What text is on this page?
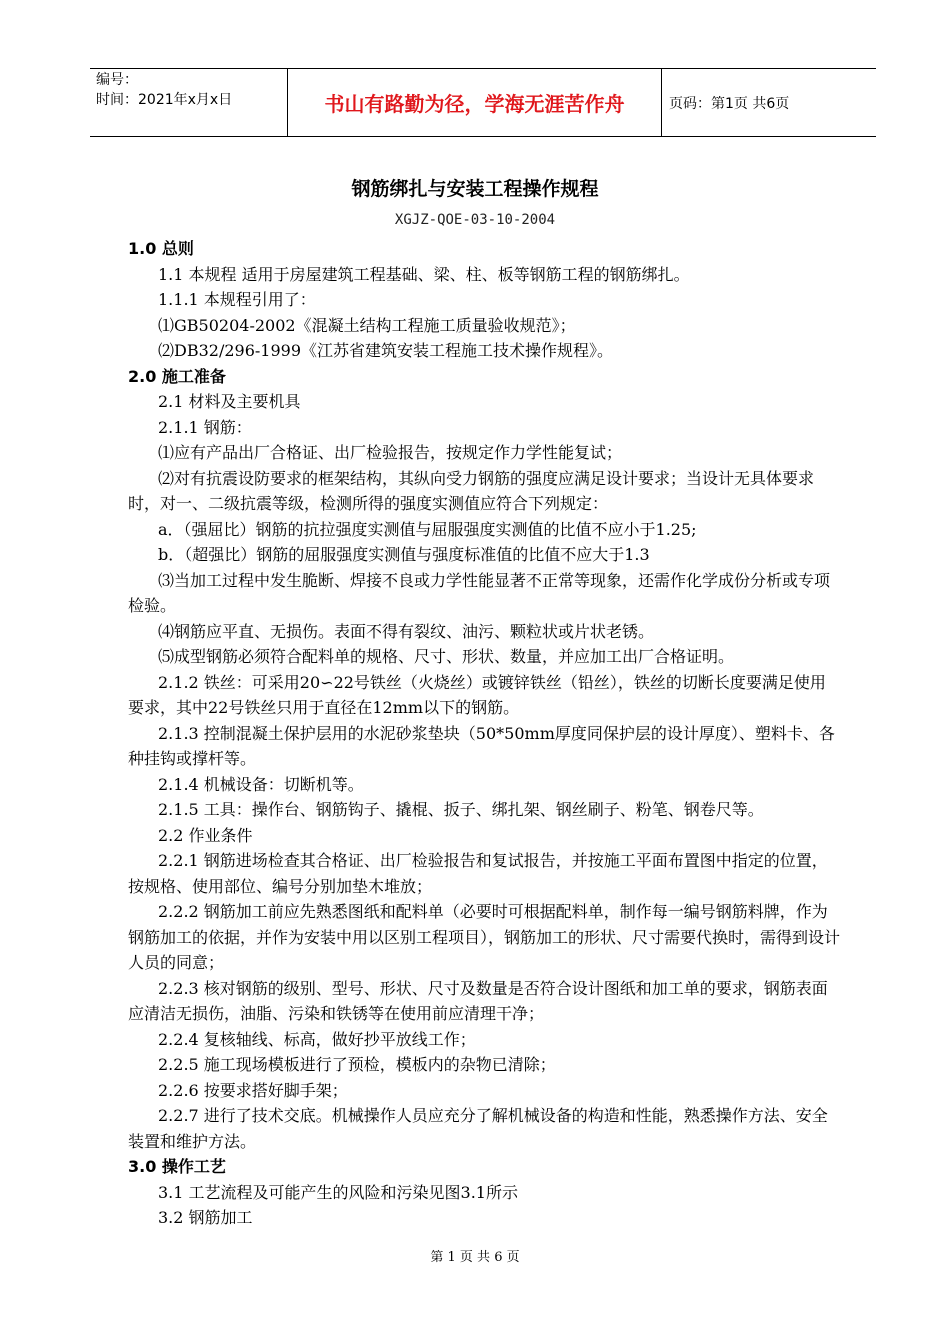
编号：
时间：2021年x月x日	书山有路勤为径，学海无涯苦作舟	页码：第1页 共6页
钢筋绑扎与安装工程操作规程
XGJZ-QOE-03-10-2004

1.0 总则

1.1 本规程 适用于房屋建筑工程基础、梁、柱、板等钢筋工程的钢筋绑扎。

1.1.1 本规程引用了：

⑴GB50204-2002《混凝土结构工程施工质量验收规范》；

⑵DB32/296-1999《江苏省建筑安装工程施工技术操作规程》。

2.0 施工准备

2.1 材料及主要机具

2.1.1 钢筋：

⑴应有产品出厂合格证、出厂检验报告，按规定作力学性能复试；

⑵对有抗震设防要求的框架结构，其纵向受力钢筋的强度应满足设计要求；当设计无具体要求时，对一、二级抗震等级，检测所得的强度实测值应符合下列规定：

a．（强屈比）钢筋的抗拉强度实测值与屈服强度实测值的比值不应小于1.25;

b．（超强比）钢筋的屈服强度实测值与强度标准值的比值不应大于1.3

⑶当加工过程中发生脆断、焊接不良或力学性能显著不正常等现象，还需作化学成份分析或专项检验。

⑷钢筋应平直、无损伤。表面不得有裂纹、油污、颗粒状或片状老锈。

⑸成型钢筋必须符合配料单的规格、尺寸、形状、数量，并应加工出厂合格证明。

2.1.2 铁丝：可采用20∽22号铁丝（火烧丝）或镀锌铁丝（铅丝），铁丝的切断长度要满足使用要求，其中22号铁丝只用于直径在12mm以下的钢筋。

2.1.3 控制混凝土保护层用的水泥砂浆垫块（50*50mm厚度同保护层的设计厚度）、塑料卡、各种挂钩或撑杆等。

2.1.4 机械设备：切断机等。

2.1.5 工具：操作台、钢筋钩子、撬棍、扳子、绑扎架、钢丝刷子、粉笔、钢卷尺等。

2.2 作业条件

2.2.1 钢筋进场检查其合格证、出厂检验报告和复试报告，并按施工平面布置图中指定的位置，按规格、使用部位、编号分别加垫木堆放；

2.2.2 钢筋加工前应先熟悉图纸和配料单（必要时可根据配料单，制作每一编号钢筋料牌，作为钢筋加工的依据，并作为安装中用以区别工程项目），钢筋加工的形状、尺寸需要代换时，需得到设计人员的同意；

2.2.3 核对钢筋的级别、型号、形状、尺寸及数量是否符合设计图纸和加工单的要求，钢筋表面应清洁无损伤，油脂、污染和铁锈等在使用前应清理干净；

2.2.4 复核轴线、标高，做好抄平放线工作；

2.2.5 施工现场模板进行了预检，模板内的杂物已清除；

2.2.6 按要求搭好脚手架；

2.2.7 进行了技术交底。机械操作人员应充分了解机械设备的构造和性能，熟悉操作方法、安全装置和维护方法。

3.0 操作工艺

3.1 工艺流程及可能产生的风险和污染见图3.1所示

3.2 钢筋加工

第 1 页 共 6 页
